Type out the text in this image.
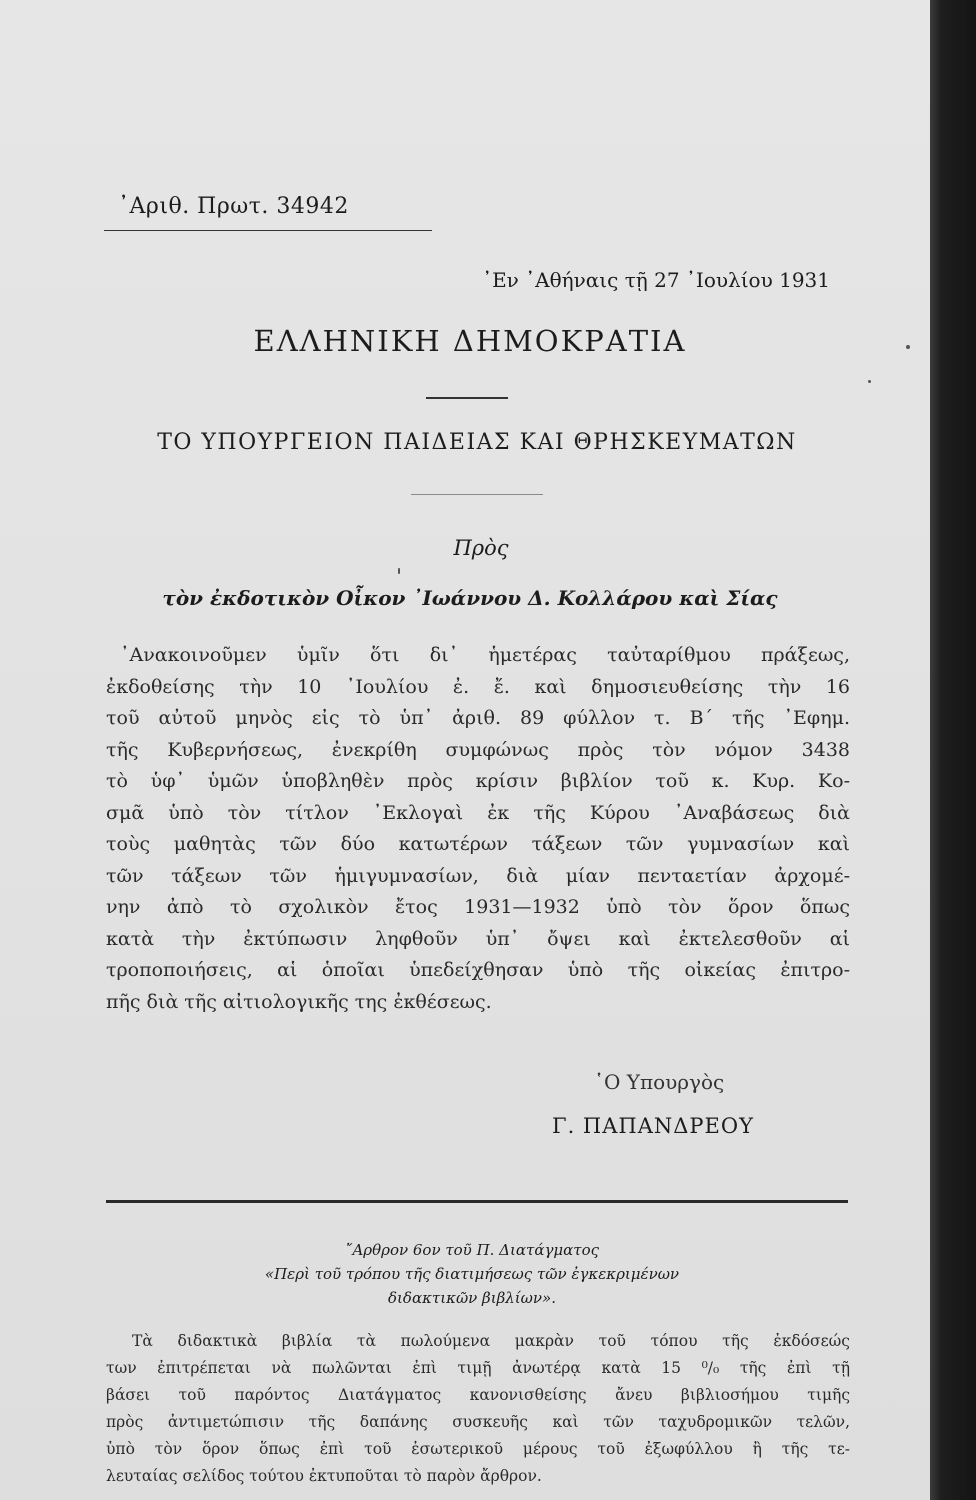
᾿Αριθ. Πρωτ. 34942
᾿Εν ᾿Αθήναις τῇ 27 ᾿Ιουλίου 1931
ΕΛΛΗΝΙΚΗ ΔΗΜΟΚΡΑΤΙΑ
ΤΟ ΥΠΟΥΡΓΕΙΟΝ ΠΑΙΔΕΙΑΣ ΚΑΙ ΘΡΗΣΚΕΥΜΑΤΩΝ
Πρὸς
τὸν ἐκδοτικὸν Οἶκον ᾿Ιωάννου Δ. Κολλάρου καὶ Σίας
᾿Ανακοινοῦμεν ὑμῖν ὅτι δι᾿ ἡμετέρας ταὐταρίθμου πράξεως,
ἐκδοθείσης τὴν 10 ᾿Ιουλίου ἐ. ἔ. καὶ δημοσιευθείσης τὴν 16
τοῦ αὐτοῦ μηνὸς εἰς τὸ ὑπ᾿ ἀριθ. 89 φύλλον τ. Β΄ τῆς ᾿Εφημ.
τῆς Κυβερνήσεως, ἐνεκρίθη συμφώνως πρὸς τὸν νόμον 3438
τὸ ὑφ᾿ ὑμῶν ὑποβληθὲν πρὸς κρίσιν βιβλίον τοῦ κ. Κυρ. Κο-
σμᾶ ὑπὸ τὸν τίτλον ᾿Εκλογαὶ ἐκ τῆς Κύρου ᾿Αναβάσεως διὰ
τοὺς μαθητὰς τῶν δύο κατωτέρων τάξεων τῶν γυμνασίων καὶ
τῶν τάξεων τῶν ἡμιγυμνασίων, διὰ μίαν πενταετίαν ἀρχομέ-
νην ἀπὸ τὸ σχολικὸν ἔτος 1931—1932 ὑπὸ τὸν ὅρον ὅπως
κατὰ τὴν ἐκτύπωσιν ληφθοῦν ὑπ᾿ ὄψει καὶ ἐκτελεσθοῦν αἱ
τροποποιήσεις, αἱ ὁποῖαι ὑπεδείχθησαν ὑπὸ τῆς οἰκείας ἐπιτρο-
πῆς διὰ τῆς αἰτιολογικῆς της ἐκθέσεως.
῾Ο Υπουργὸς
Γ. ΠΑΠΑΝΔΡΕΟΥ
῎Αρθρον 6ον τοῦ Π. Διατάγματος
«Περὶ τοῦ τρόπου τῆς διατιμήσεως τῶν ἐγκεκριμένων
διδακτικῶν βιβλίων».
Τὰ διδακτικὰ βιβλία τὰ πωλούμενα μακρὰν τοῦ τόπου τῆς ἐκδόσεώς
των ἐπιτρέπεται νὰ πωλῶνται ἐπὶ τιμῇ ἀνωτέρᾳ κατὰ 15 ⁰/₀ τῆς ἐπὶ τῇ
βάσει τοῦ παρόντος Διατάγματος κανονισθείσης ἄνευ βιβλιοσήμου τιμῆς
πρὸς ἀντιμετώπισιν τῆς δαπάνης συσκευῆς καὶ τῶν ταχυδρομικῶν τελῶν,
ὑπὸ τὸν ὅρον ὅπως ἐπὶ τοῦ ἐσωτερικοῦ μέρους τοῦ ἐξωφύλλου ἢ τῆς τε-
λευταίας σελίδος τούτου ἐκτυποῦται τὸ παρὸν ἄρθρον.
